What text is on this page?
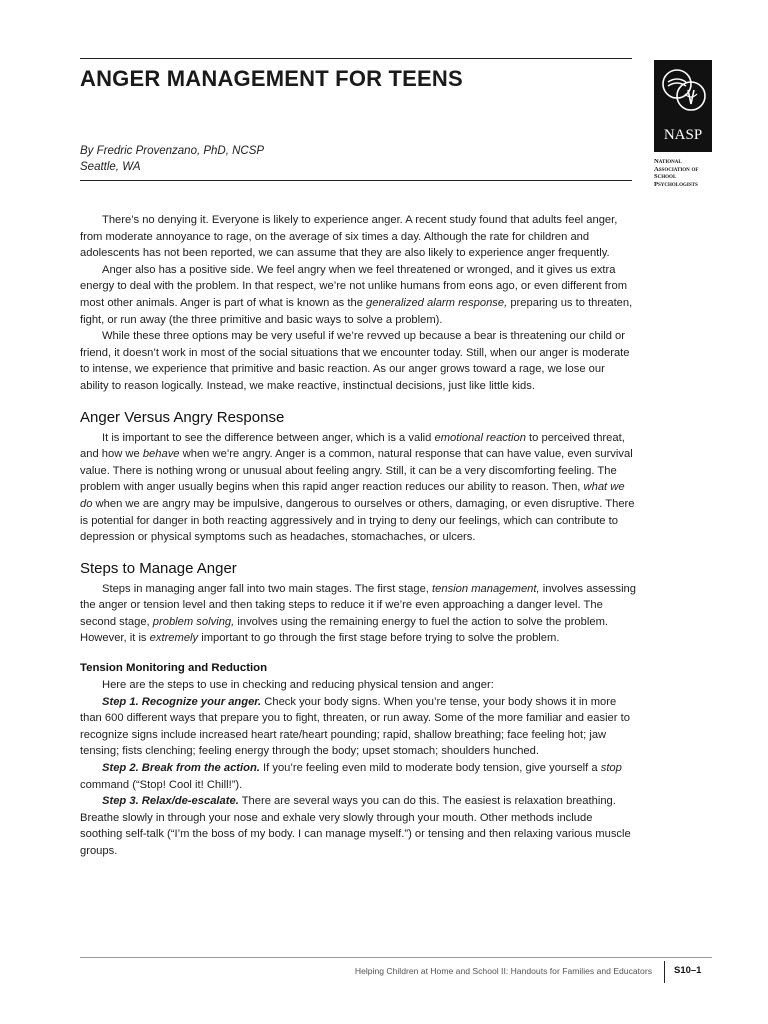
ANGER MANAGEMENT FOR TEENS
By Fredric Provenzano, PhD, NCSP
Seattle, WA
NASP
National
Association of
School
Psychologists

There’s no denying it. Everyone is likely to experience anger. A recent study found that adults feel anger, from moderate annoyance to rage, on the average of six times a day. Although the rate for children and adolescents has not been reported, we can assume that they are also likely to experience anger frequently.

Anger also has a positive side. We feel angry when we feel threatened or wronged, and it gives us extra energy to deal with the problem. In that respect, we’re not unlike humans from eons ago, or even different from most other animals. Anger is part of what is known as the generalized alarm response, preparing us to threaten, fight, or run away (the three primitive and basic ways to solve a problem).

While these three options may be very useful if we’re revved up because a bear is threatening our child or friend, it doesn’t work in most of the social situations that we encounter today. Still, when our anger is moderate to intense, we experience that primitive and basic reaction. As our anger grows toward a rage, we lose our ability to reason logically. Instead, we make reactive, instinctual decisions, just like little kids.

Anger Versus Angry Response

It is important to see the difference between anger, which is a valid emotional reaction to perceived threat, and how we behave when we’re angry. Anger is a common, natural response that can have value, even survival value. There is nothing wrong or unusual about feeling angry. Still, it can be a very discomforting feeling. The problem with anger usually begins when this rapid anger reaction reduces our ability to reason. Then, what we do when we are angry may be impulsive, dangerous to ourselves or others, damaging, or even disruptive. There is potential for danger in both reacting aggressively and in trying to deny our feelings, which can contribute to depression or physical symptoms such as headaches, stomachaches, or ulcers.

Steps to Manage Anger

Steps in managing anger fall into two main stages. The first stage, tension management, involves assessing the anger or tension level and then taking steps to reduce it if we’re even approaching a danger level. The second stage, problem solving, involves using the remaining energy to fuel the action to solve the problem. However, it is extremely important to go through the first stage before trying to solve the problem.

Tension Monitoring and Reduction

Here are the steps to use in checking and reducing physical tension and anger:

Step 1. Recognize your anger. Check your body signs. When you’re tense, your body shows it in more than 600 different ways that prepare you to fight, threaten, or run away. Some of the more familiar and easier to recognize signs include increased heart rate/heart pounding; rapid, shallow breathing; face feeling hot; jaw tensing; fists clenching; feeling energy through the body; upset stomach; shoulders hunched.

Step 2. Break from the action. If you’re feeling even mild to moderate body tension, give yourself a stop command (“Stop! Cool it! Chill!”).

Step 3. Relax/de-escalate. There are several ways you can do this. The easiest is relaxation breathing. Breathe slowly in through your nose and exhale very slowly through your mouth. Other methods include soothing self-talk (“I’m the boss of my body. I can manage myself.”) or tensing and then relaxing various muscle groups.

Helping Children at Home and School II: Handouts for Families and Educators S10–1
